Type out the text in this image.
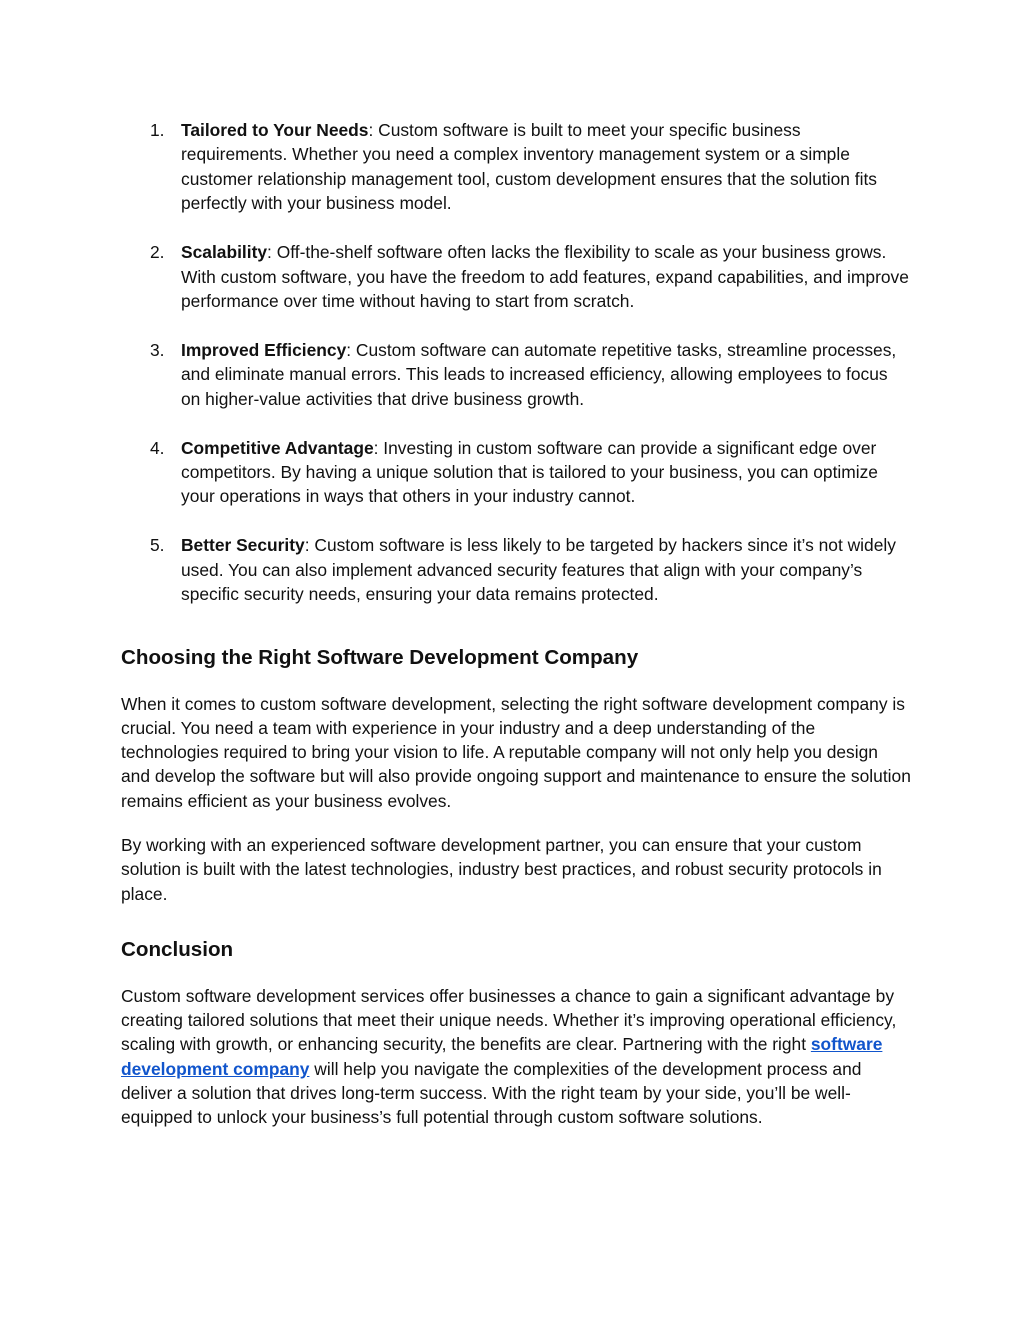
1. Tailored to Your Needs: Custom software is built to meet your specific business requirements. Whether you need a complex inventory management system or a simple customer relationship management tool, custom development ensures that the solution fits perfectly with your business model.
2. Scalability: Off-the-shelf software often lacks the flexibility to scale as your business grows. With custom software, you have the freedom to add features, expand capabilities, and improve performance over time without having to start from scratch.
3. Improved Efficiency: Custom software can automate repetitive tasks, streamline processes, and eliminate manual errors. This leads to increased efficiency, allowing employees to focus on higher-value activities that drive business growth.
4. Competitive Advantage: Investing in custom software can provide a significant edge over competitors. By having a unique solution that is tailored to your business, you can optimize your operations in ways that others in your industry cannot.
5. Better Security: Custom software is less likely to be targeted by hackers since it’s not widely used. You can also implement advanced security features that align with your company’s specific security needs, ensuring your data remains protected.
Choosing the Right Software Development Company

When it comes to custom software development, selecting the right software development company is crucial. You need a team with experience in your industry and a deep understanding of the technologies required to bring your vision to life. A reputable company will not only help you design and develop the software but will also provide ongoing support and maintenance to ensure the solution remains efficient as your business evolves.

By working with an experienced software development partner, you can ensure that your custom solution is built with the latest technologies, industry best practices, and robust security protocols in place.

Conclusion

Custom software development services offer businesses a chance to gain a significant advantage by creating tailored solutions that meet their unique needs. Whether it’s improving operational efficiency, scaling with growth, or enhancing security, the benefits are clear. Partnering with the right software development company will help you navigate the complexities of the development process and deliver a solution that drives long-term success. With the right team by your side, you’ll be well-equipped to unlock your business’s full potential through custom software solutions.
